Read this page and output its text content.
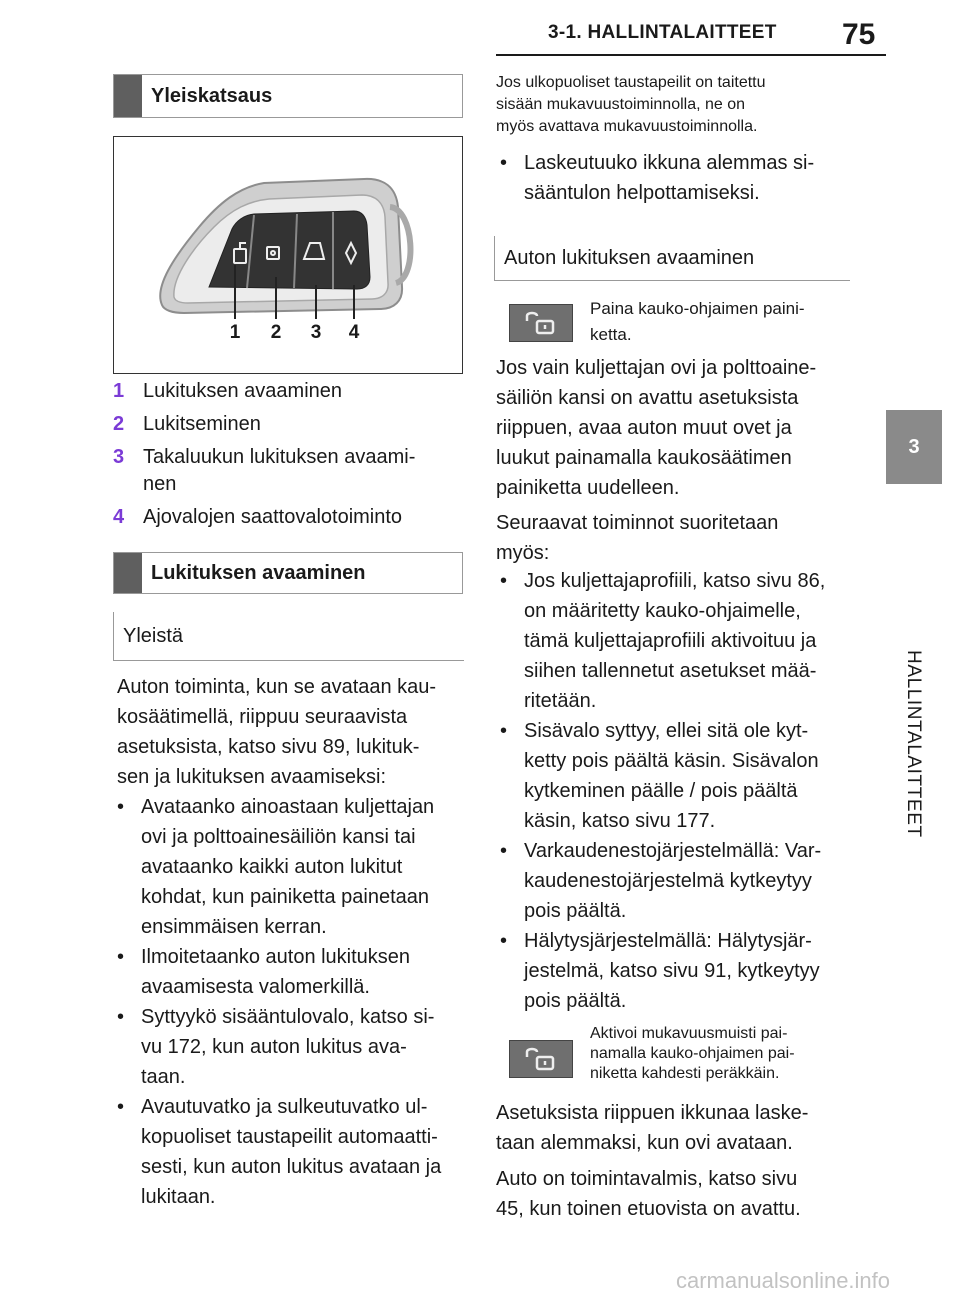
3-1. HALLINTALAITTEET 75
3
HALLINTALAITTEET
Yleiskatsaus
1 2 3 4
1 Lukituksen avaaminen
2 Lukitseminen
3 Takaluukun lukituksen avaami-
nen
4 Ajovalojen saattovalotoiminto
Lukituksen avaaminen
Yleistä
Auton toiminta, kun se avataan kau-
kosäätimellä, riippuu seuraavista
asetuksista, katso sivu 89, lukituk-
sen ja lukituksen avaamiseksi:
• Avataanko ainoastaan kuljettajan
ovi ja polttoainesäiliön kansi tai
avataanko kaikki auton lukitut
kohdat, kun painiketta painetaan
ensimmäisen kerran.
• Ilmoitetaanko auton lukituksen
avaamisesta valomerkillä.
• Syttyykö sisääntulovalo, katso si-
vu 172, kun auton lukitus ava-
taan.
• Avautuvatko ja sulkeutuvatko ul-
kopuoliset taustapeilit automaatti-
sesti, kun auton lukitus avataan ja
lukitaan.
Jos ulkopuoliset taustapeilit on taitettu
sisään mukavuustoiminnolla, ne on
myös avattava mukavuustoiminnolla.
• Laskeutuuko ikkuna alemmas si-
sääntulon helpottamiseksi.
Auton lukituksen avaaminen
Paina kauko-ohjaimen paini-
ketta.
Jos vain kuljettajan ovi ja polttoaine-
säiliön kansi on avattu asetuksista
riippuen, avaa auton muut ovet ja
luukut painamalla kaukosäätimen
painiketta uudelleen.
Seuraavat toiminnot suoritetaan
myös:
• Jos kuljettajaprofiili, katso sivu 86,
on määritetty kauko-ohjaimelle,
tämä kuljettajaprofiili aktivoituu ja
siihen tallennetut asetukset mää-
ritetään.
• Sisävalo syttyy, ellei sitä ole kyt-
ketty pois päältä käsin. Sisävalon
kytkeminen päälle / pois päältä
käsin, katso sivu 177.
• Varkaudenestojärjestelmällä: Var-
kaudenestojärjestelmä kytkeytyy
pois päältä.
• Hälytysjärjestelmällä: Hälytysjär-
jestelmä, katso sivu 91, kytkeytyy
pois päältä.
Aktivoi mukavuusmuisti pai-
namalla kauko-ohjaimen pai-
niketta kahdesti peräkkäin.
Asetuksista riippuen ikkunaa laske-
taan alemmaksi, kun ovi avataan.
Auto on toimintavalmis, katso sivu
45, kun toinen etuovista on avattu.
carmanualsonline.info
